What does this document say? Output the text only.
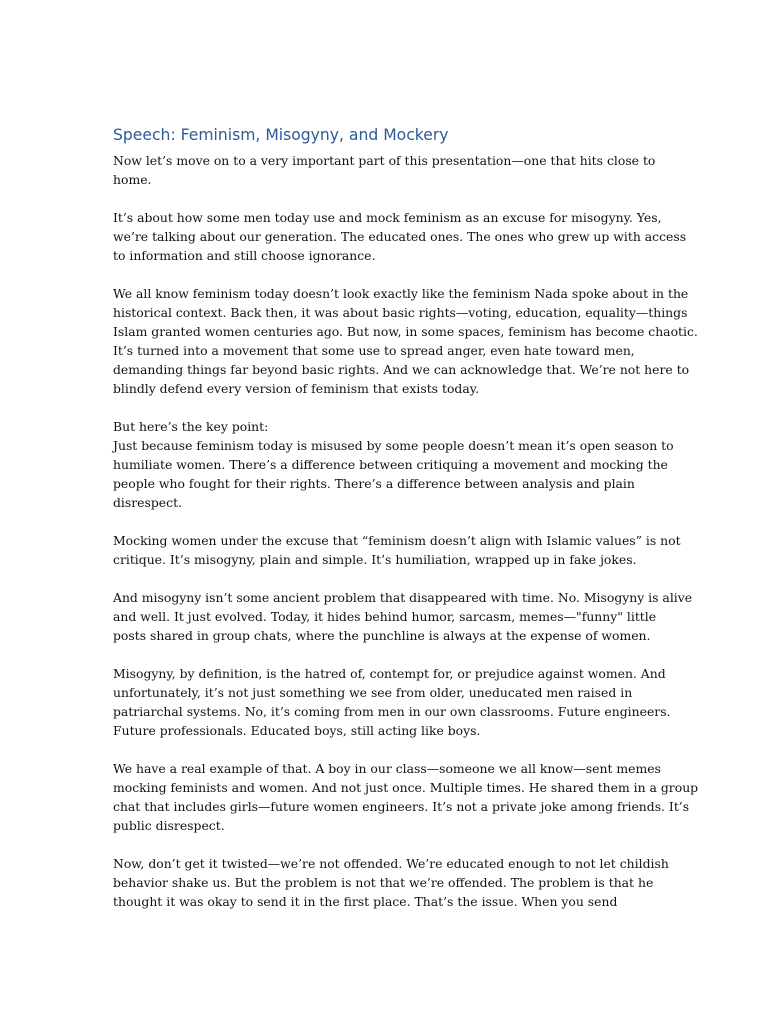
Speech: Feminism, Misogyny, and Mockery

Now let’s move on to a very important part of this presentation—one that hits close to
home.

It’s about how some men today use and mock feminism as an excuse for misogyny. Yes,
we’re talking about our generation. The educated ones. The ones who grew up with access
to information and still choose ignorance.

We all know feminism today doesn’t look exactly like the feminism Nada spoke about in the
historical context. Back then, it was about basic rights—voting, education, equality—things
Islam granted women centuries ago. But now, in some spaces, feminism has become chaotic.
It’s turned into a movement that some use to spread anger, even hate toward men,
demanding things far beyond basic rights. And we can acknowledge that. We’re not here to
blindly defend every version of feminism that exists today.

But here’s the key point:
Just because feminism today is misused by some people doesn’t mean it’s open season to
humiliate women. There’s a difference between critiquing a movement and mocking the
people who fought for their rights. There’s a difference between analysis and plain
disrespect.

Mocking women under the excuse that “feminism doesn’t align with Islamic values” is not
critique. It’s misogyny, plain and simple. It’s humiliation, wrapped up in fake jokes.

And misogyny isn’t some ancient problem that disappeared with time. No. Misogyny is alive
and well. It just evolved. Today, it hides behind humor, sarcasm, memes—"funny" little
posts shared in group chats, where the punchline is always at the expense of women.

Misogyny, by definition, is the hatred of, contempt for, or prejudice against women. And
unfortunately, it’s not just something we see from older, uneducated men raised in
patriarchal systems. No, it’s coming from men in our own classrooms. Future engineers.
Future professionals. Educated boys, still acting like boys.

We have a real example of that. A boy in our class—someone we all know—sent memes
mocking feminists and women. And not just once. Multiple times. He shared them in a group
chat that includes girls—future women engineers. It’s not a private joke among friends. It’s
public disrespect.

Now, don’t get it twisted—we’re not offended. We’re educated enough to not let childish
behavior shake us. But the problem is not that we’re offended. The problem is that he
thought it was okay to send it in the first place. That’s the issue. When you send
